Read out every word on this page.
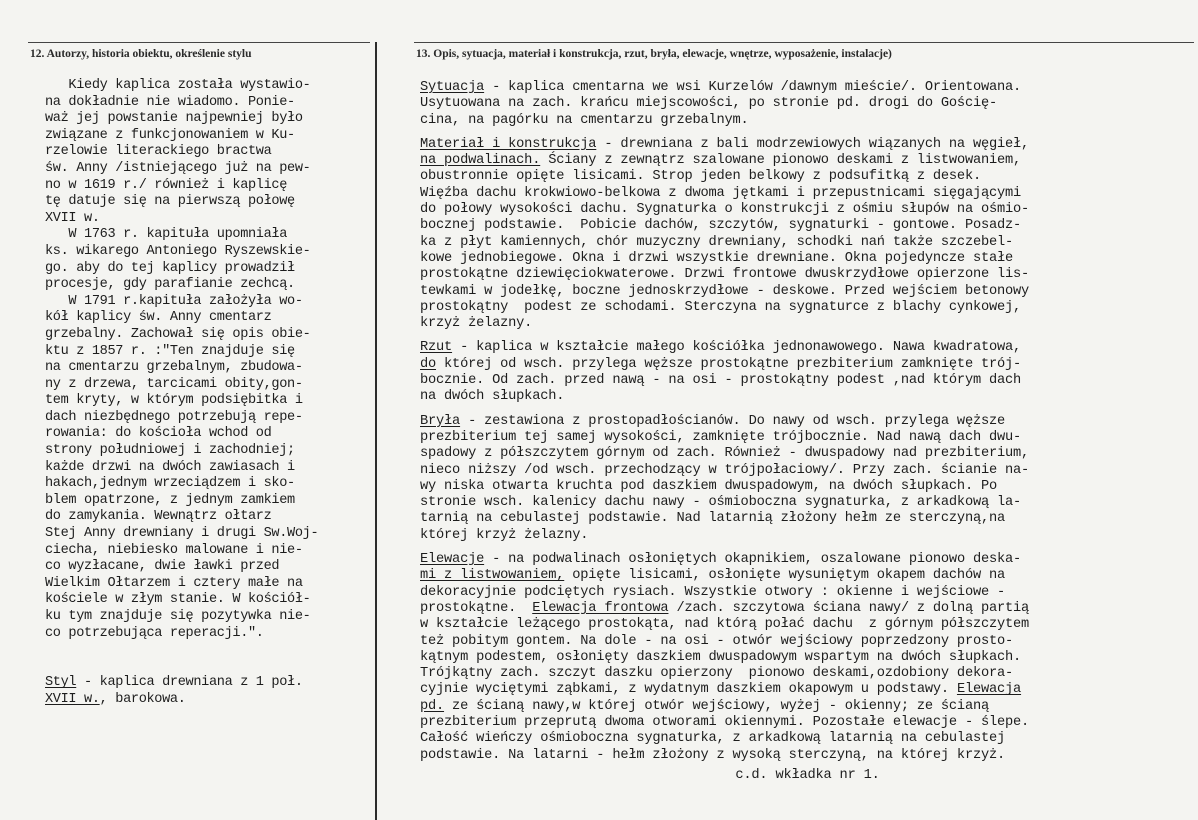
12. Autorzy, historia obiektu, określenie stylu	13. Opis, sytuacja, materiał i konstrukcja, rzut, bryła, elewacje, wnętrze, wyposażenie, instalacje)
Kiedy kaplica została wystawio-
na dokładnie nie wiadomo. Ponie-
waż jej powstanie najpewniej było
związane z funkcjonowaniem w Ku-
rzelowie literackiego bractwa
św. Anny /istniejącego już na pew-
no w 1619 r./ również i kaplicę
tę datuje się na pierwszą połowę
XVII w.
W 1763 r. kapituła upomniała
ks. wikarego Antoniego Ryszewskie-
go. aby do tej kaplicy prowadził
procesje, gdy parafianie zechcą.
W 1791 r.kapituła założyła wo-
kół kaplicy św. Anny cmentarz
grzebalny. Zachował się opis obie-
ktu z 1857 r. :"Ten znajduje się
na cmentarzu grzebalnym, zbudowa-
ny z drzewa, tarcicami obity,gon-
tem kryty, w którym podsiębitka i
dach niezbędnego potrzebują repe-
rowania: do kościoła wchod od
strony południowej i zachodniej;
każde drzwi na dwóch zawiasach i
hakach,jednym wrzeciądzem i sko-
blem opatrzone, z jednym zamkiem
do zamykania. Wewnątrz ołtarz
Stej Anny drewniany i drugi Sw.Woj-
ciecha, niebiesko malowane i nie-
co wyzłacane, dwie ławki przed
Wielkim Ołtarzem i cztery małe na
kościele w złym stanie. W kościół-
ku tym znajduje się pozytywka nie-
co potrzebująca reperacji.".
Styl - kaplica drewniana z 1 poł.
XVII w., barokowa.
Sytuacja - kaplica cmentarna we wsi Kurzelów /dawnym mieście/. Orientowana.
Usytuowana na zach. krańcu miejscowości, po stronie pd. drogi do Gościę-
cina, na pagórku na cmentarzu grzebalnym.
Materiał i konstrukcja - drewniana z bali modrzewiowych wiązanych na węgieł,
na podwalinach. Ściany z zewnątrz szalowane pionowo deskami z listwowaniem,
obustronnie opięte lisicami. Strop jeden belkowy z podsufitką z desek.
Więźba dachu krokwiowo-belkowa z dwoma jętkami i przepustnicami sięgającymi
do połowy wysokości dachu. Sygnaturka o konstrukcji z ośmiu słupów na ośmio-
bocznej podstawie.  Pobicie dachów, szczytów, sygnaturki - gontowe. Posadz-
ka z płyt kamiennych, chór muzyczny drewniany, schodki nań także szczebel-
kowe jednobiegowe. Okna i drzwi wszystkie drewniane. Okna pojedyncze stałe
prostokątne dziewięciokwaterowe. Drzwi frontowe dwuskrzydłowe opierzone lis-
tewkami w jodełkę, boczne jednoskrzydłowe - deskowe. Przed wejściem betonowy
prostokątny  podest ze schodami. Sterczyna na sygnaturce z blachy cynkowej,
krzyż żelazny.
Rzut - kaplica w kształcie małego kościółka jednonawowego. Nawa kwadratowa,
do której od wsch. przylega węższe prostokątne prezbiterium zamknięte trój-
bocznie. Od zach. przed nawą - na osi - prostokątny podest ,nad którym dach
na dwóch słupkach.
Bryła - zestawiona z prostopadłościanów. Do nawy od wsch. przylega węższe
prezbiterium tej samej wysokości, zamknięte trójbocznie. Nad nawą dach dwu-
spadowy z półszczytem górnym od zach. Również - dwuspadowy nad prezbiterium,
nieco niższy /od wsch. przechodzący w trójpołaciowy/. Przy zach. ścianie na-
wy niska otwarta kruchta pod daszkiem dwuspadowym, na dwóch słupkach. Po
stronie wsch. kalenicy dachu nawy - ośmioboczna sygnaturka, z arkadkową la-
tarnią na cebulastej podstawie. Nad latarnią złożony hełm ze sterczyną,na
której krzyż żelazny.
Elewacje - na podwalinach osłoniętych okapnikiem, oszalowane pionowo deska-
mi z listwowaniem, opięte lisicami, osłonięte wysuniętym okapem dachów na
dekoracyjnie podciętych rysiach. Wszystkie otwory : okienne i wejściowe -
prostokątne.  Elewacja frontowa /zach. szczytowa ściana nawy/ z dolną partią
w kształcie leżącego prostokąta, nad którą połać dachu  z górnym półszczytem
też pobitym gontem. Na dole - na osi - otwór wejściowy poprzedzony prosto-
kątnym podestem, osłonięty daszkiem dwuspadowym wspartym na dwóch słupkach.
Trójkątny zach. szczyt daszku opierzony  pionowo deskami,ozdobiony dekora-
cyjnie wyciętymi ząbkami, z wydatnym daszkiem okapowym u podstawy. Elewacja
pd. ze ścianą nawy,w której otwór wejściowy, wyżej - okienny; ze ścianą
prezbiterium przeprutą dwoma otworami okiennymi. Pozostałe elewacje - ślepe.
Całość wieńczy ośmioboczna sygnaturka, z arkadkową latarnią na cebulastej
podstawie. Na latarni - hełm złożony z wysoką sterczyną, na której krzyż.
c.d. wkładka nr 1.
